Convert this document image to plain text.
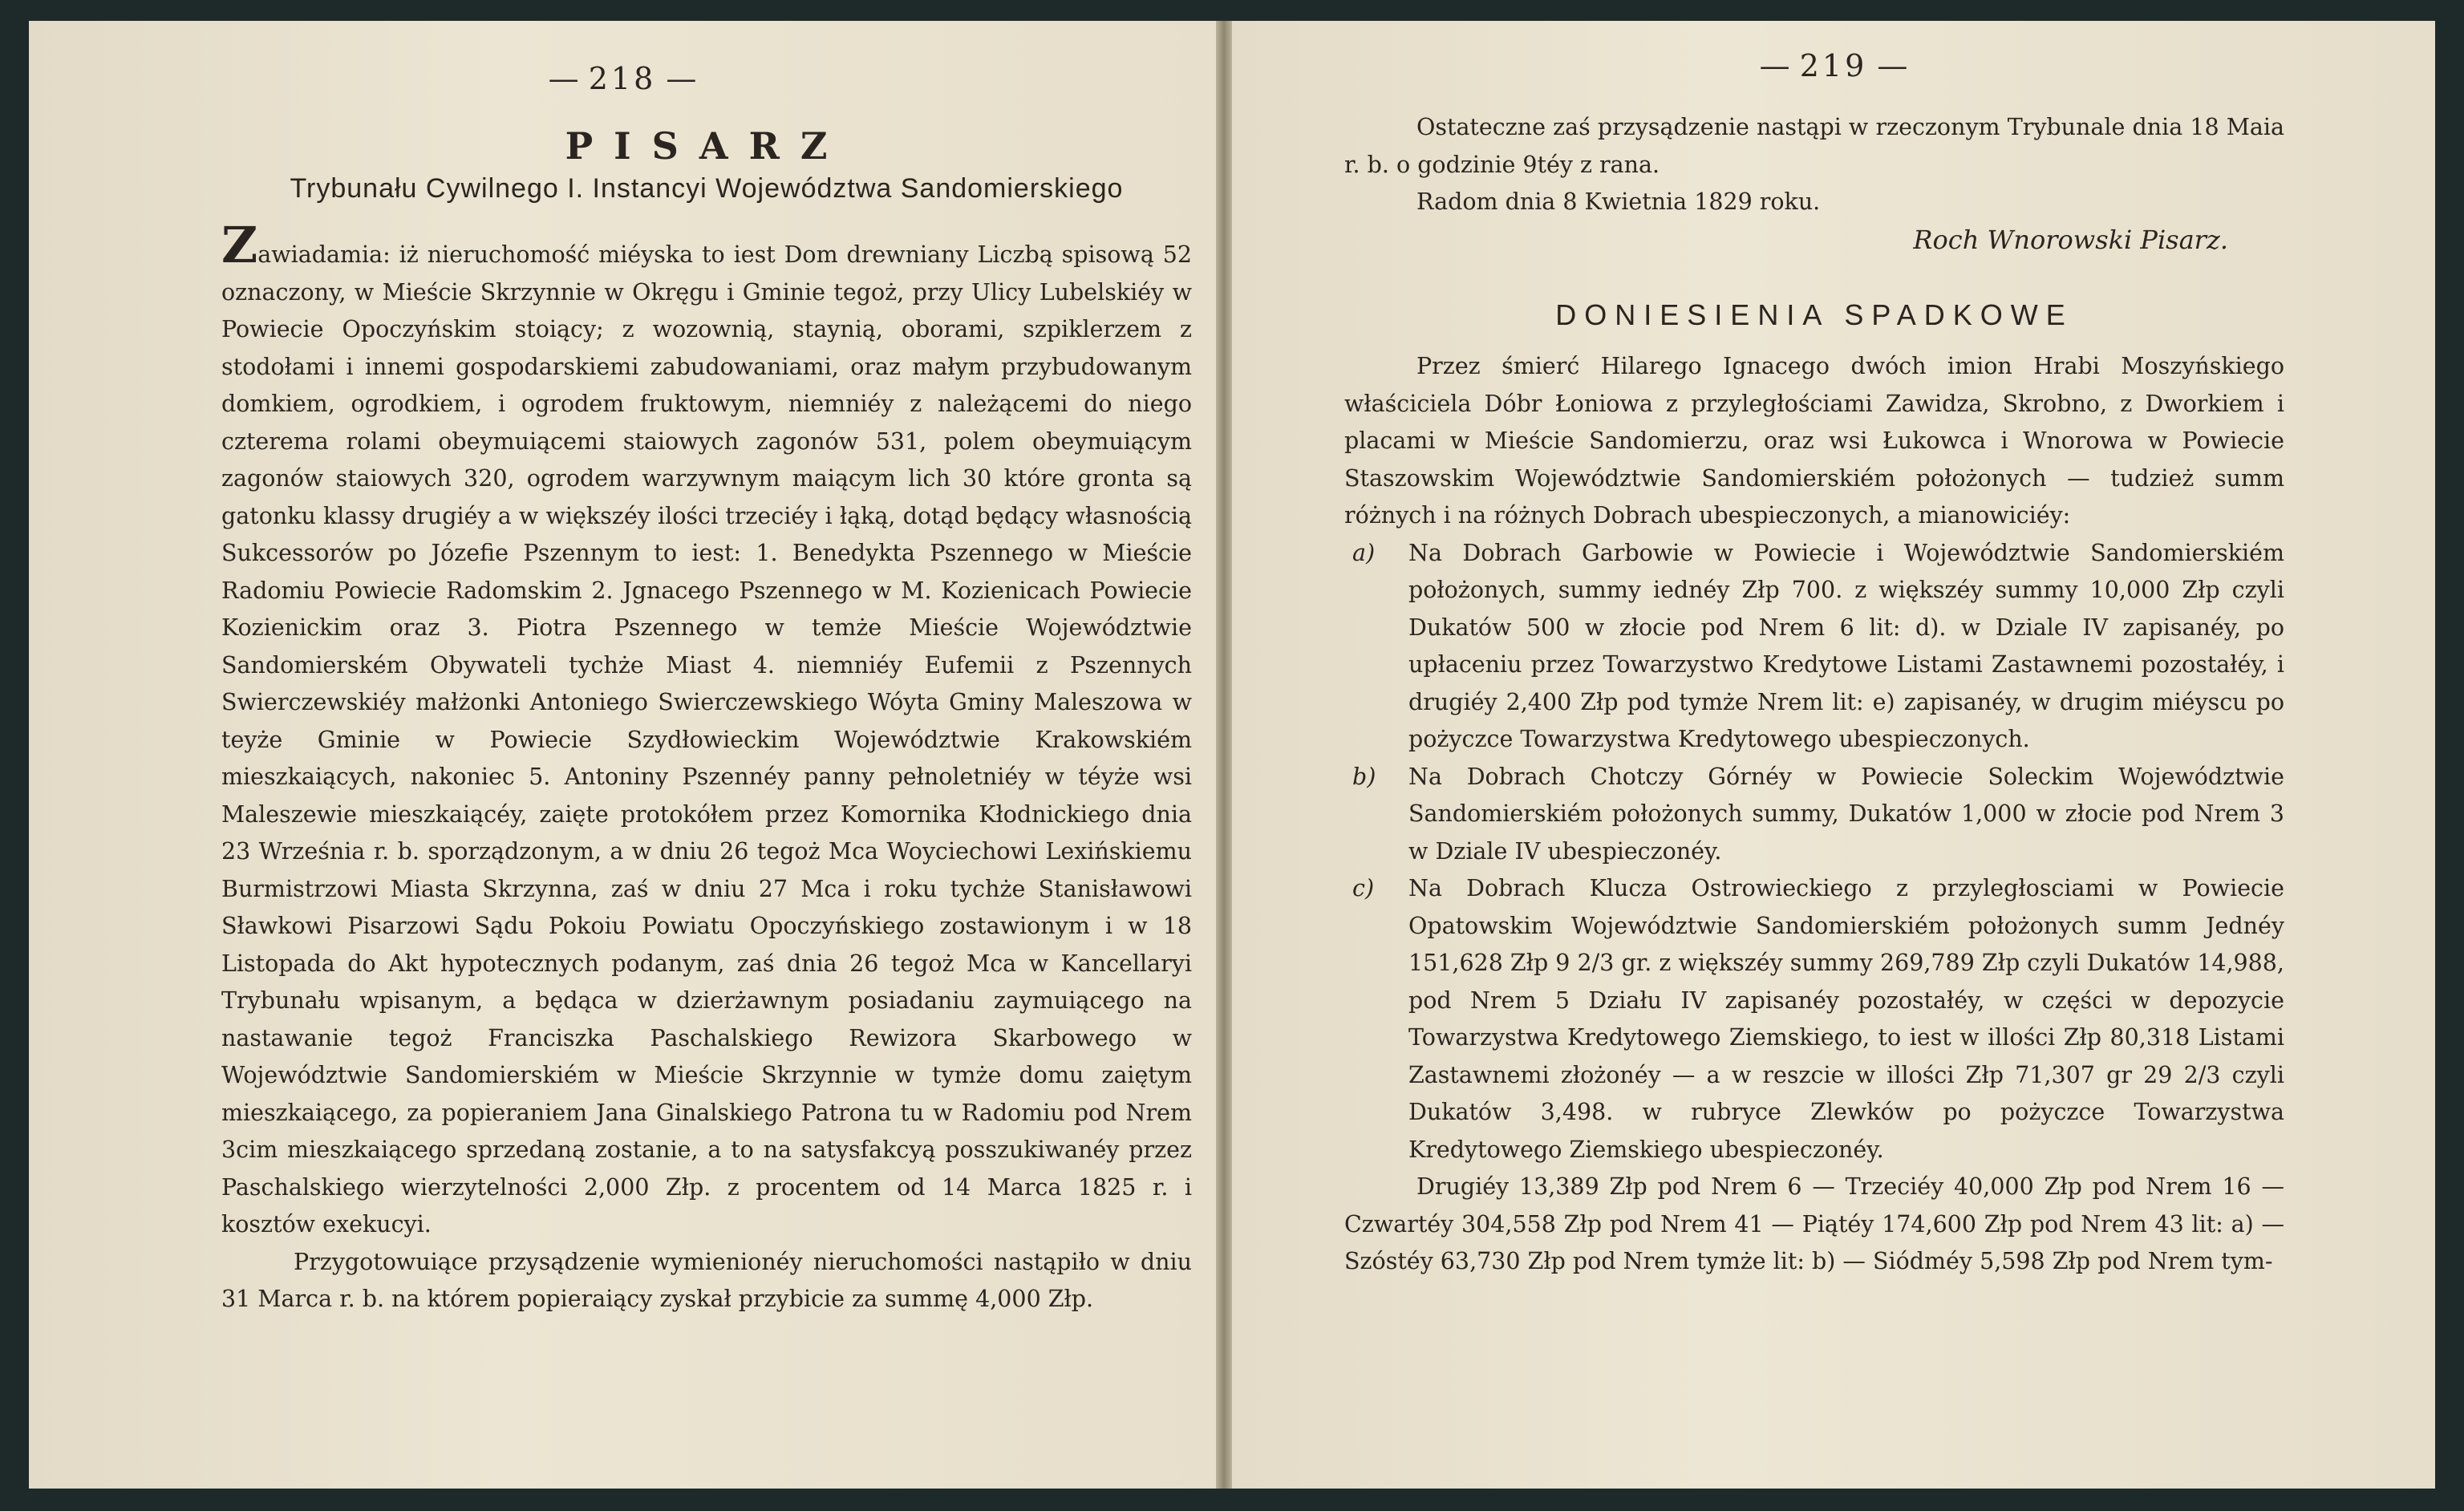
— 218 —	— 219 —

PISARZ

Trybunału Cywilnego I. Instancyi Województwa Sandomierskiego

Zawiadamia: iż nieruchomość miéyska to iest Dom drewniany Liczbą spisową 52 oznaczony, w Mieście Skrzynnie w Okręgu i Gminie tegoż, przy Ulicy Lubelskiéy w Powiecie Opoczyńskim stoiący; z wozownią, staynią, oborami, szpiklerzem z stodołami i innemi gospodarskiemi zabudowaniami, oraz małym przybudowanym domkiem, ogrodkiem, i ogrodem fruktowym, niemniéy z należącemi do niego czterema rolami obeymuiącemi staiowych zagonów 531, polem obeymuiącym zagonów staiowych 320, ogrodem warzywnym maiącym lich 30 które gronta są gatonku klassy drugiéy a w większéy ilości trzeciéy i łąką, dotąd będący własnością Sukcessorów po Józefie Pszennym to iest: 1. Benedykta Pszennego w Mieście Radomiu Powiecie Radomskim 2. Jgnacego Pszennego w M. Kozienicach Powiecie Kozienickim oraz 3. Piotra Pszennego w temże Mieście Województwie Sandomierském Obywateli tychże Miast 4. niemniéy Eufemii z Pszennych Swierczewskiéy małżonki Antoniego Swierczewskiego Wóyta Gminy Maleszowa w teyże Gminie w Powiecie Szydłowieckim Województwie Krakowskiém mieszkaiących, nakoniec 5. Antoniny Pszennéy panny pełnoletniéy w téyże wsi Maleszewie mieszkaiącéy, zaięte protokółem przez Komornika Kłodnickiego dnia 23 Września r. b. sporządzonym, a w dniu 26 tegoż Mca Woyciechowi Lexińskiemu Burmistrzowi Miasta Skrzynna, zaś w dniu 27 Mca i roku tychże Stanisławowi Sławkowi Pisarzowi Sądu Pokoiu Powiatu Opoczyńskiego zostawionym i w 18 Listopada do Akt hypotecznych podanym, zaś dnia 26 tegoż Mca w Kancellaryi Trybunału wpisanym, a będąca w dzierżawnym posiadaniu zaymuiącego na nastawanie tegoż Franciszka Paschalskiego Rewizora Skarbowego w Województwie Sandomierskiém w Mieście Skrzynnie w tymże domu zaiętym mieszkaiącego, za popieraniem Jana Ginalskiego Patrona tu w Radomiu pod Nrem 3cim mieszkaiącego sprzedaną zostanie, a to na satysfakcyą posszukiwanéy przez Paschalskiego wierzytelności 2,000 Złp. z procentem od 14 Marca 1825 r. i kosztów exekucyi.

Przygotowuiące przysądzenie wymienionéy nieruchomości nastąpiło w dniu 31 Marca r. b. na którem popieraiący zyskał przybicie za summę 4,000 Złp.

Ostateczne zaś przysądzenie nastąpi w rzeczonym Trybunale dnia 18 Maia r. b. o godzinie 9téy z rana.

Radom dnia 8 Kwietnia 1829 roku.

Roch Wnorowski Pisarz.

DONIESIENIA SPADKOWE

Przez śmierć Hilarego Ignacego dwóch imion Hrabi Moszyńskiego właściciela Dóbr Łoniowa z przyległościami Zawidza, Skrobno, z Dworkiem i placami w Mieście Sandomierzu, oraz wsi Łukowca i Wnorowa w Powiecie Staszowskim Województwie Sandomierskiém położonych — tudzież summ różnych i na różnych Dobrach ubespieczonych, a mianowiciéy:

a) Na Dobrach Garbowie w Powiecie i Województwie Sandomierskiém położonych, summy iednéy Złp 700. z większéy summy 10,000 Złp czyli Dukatów 500 w złocie pod Nrem 6 lit: d). w Dziale IV zapisanéy, po upłaceniu przez Towarzystwo Kredytowe Listami Zastawnemi pozostałéy, i drugiéy 2,400 Złp pod tymże Nrem lit: e) zapisanéy, w drugim miéyscu po pożyczce Towarzystwa Kredytowego ubespieczonych.

b) Na Dobrach Chotczy Górnéy w Powiecie Soleckim Województwie Sandomierskiém położonych summy, Dukatów 1,000 w złocie pod Nrem 3 w Dziale IV ubespieczonéy.

c) Na Dobrach Klucza Ostrowieckiego z przyległosciami w Powiecie Opatowskim Województwie Sandomierskiém położonych summ Jednéy 151,628 Złp 9 2/3 gr. z większéy summy 269,789 Złp czyli Dukatów 14,988, pod Nrem 5 Działu IV zapisanéy pozostałéy, w części w depozycie Towarzystwa Kredytowego Ziemskiego, to iest w illości Złp 80,318 Listami Zastawnemi złożonéy — a w reszcie w illości Złp 71,307 gr 29 2/3 czyli Dukatów 3,498. w rubryce Zlewków po pożyczce Towarzystwa Kredytowego Ziemskiego ubespieczonéy.

Drugiéy 13,389 Złp pod Nrem 6 — Trzeciéy 40,000 Złp pod Nrem 16 — Czwartéy 304,558 Złp pod Nrem 41 — Piątéy 174,600 Złp pod Nrem 43 lit: a) — Szóstéy 63,730 Złp pod Nrem tymże lit: b) — Siódméy 5,598 Złp pod Nrem tym-
